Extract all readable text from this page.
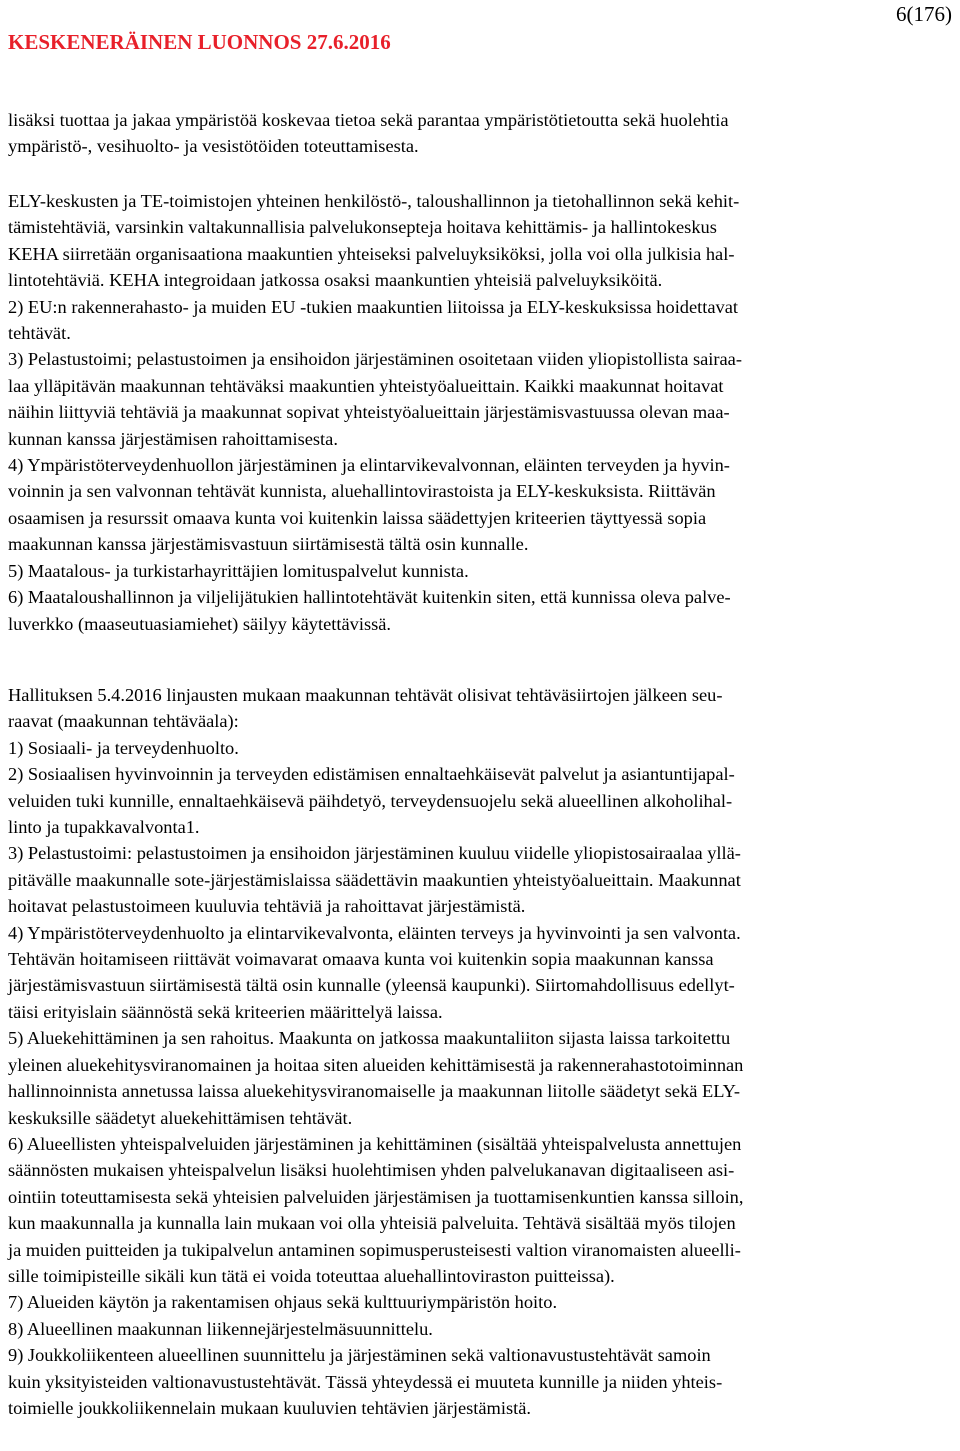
KESKENERÄINEN LUONNOS 27.6.2016
6(176)
lisäksi tuottaa ja jakaa ympäristöä koskevaa tietoa sekä parantaa ympäristötietoutta sekä huolehtia
ympäristö-, vesihuolto- ja vesistötöiden toteuttamisesta.
ELY-keskusten ja TE-toimistojen yhteinen henkilöstö-, taloushallinnon ja tietohallinnon sekä kehit-
tämistehtäviä, varsinkin valtakunnallisia palvelukonsepteja hoitava kehittämis- ja hallintokeskus
KEHA siirretään organisaationa maakuntien yhteiseksi palveluyksiköksi, jolla voi olla julkisia hal-
lintotehtäviä. KEHA integroidaan jatkossa osaksi maankuntien yhteisiä palveluyksiköitä.
2) EU:n rakennerahasto- ja muiden EU -tukien maakuntien liitoissa ja ELY-keskuksissa hoidettavat
tehtävät.
3) Pelastustoimi; pelastustoimen ja ensihoidon järjestäminen osoitetaan viiden yliopistollista sairaa-
laa ylläpitävän maakunnan tehtäväksi maakuntien yhteistyöalueittain. Kaikki maakunnat hoitavat
näihin liittyviä tehtäviä ja maakunnat sopivat yhteistyöalueittain järjestämisvastuussa olevan maa-
kunnan kanssa järjestämisen rahoittamisesta.
4) Ympäristöterveydenhuollon järjestäminen ja elintarvikevalvonnan, eläinten terveyden ja hyvin-
voinnin ja sen valvonnan tehtävät kunnista, aluehallintovirastoista ja ELY-keskuksista. Riittävän
osaamisen ja resurssit omaava kunta voi kuitenkin laissa säädettyjen kriteerien täyttyessä sopia
maakunnan kanssa järjestämisvastuun siirtämisestä tältä osin kunnalle.
5) Maatalous- ja turkistarhayrittäjien lomituspalvelut kunnista.
6) Maataloushallinnon ja viljelijätukien hallintotehtävät kuitenkin siten, että kunnissa oleva palve-
luverkko (maaseutuasiamiehet) säilyy käytettävissä.
Hallituksen 5.4.2016 linjausten mukaan maakunnan tehtävät olisivat tehtäväsiirtojen jälkeen seu-
raavat (maakunnan tehtäväala):
1) Sosiaali- ja terveydenhuolto.
2) Sosiaalisen hyvinvoinnin ja terveyden edistämisen ennaltaehkäisevät palvelut ja asiantuntijapal-
veluiden tuki kunnille, ennaltaehkäisevä päihdetyö, terveydensuojelu sekä alueellinen alkoholihal-
linto ja tupakkavalvonta1.
3) Pelastustoimi: pelastustoimen ja ensihoidon järjestäminen kuuluu viidelle yliopistosairaalaa yllä-
pitävälle maakunnalle sote-järjestämislaissa säädettävin maakuntien yhteistyöalueittain. Maakunnat
hoitavat pelastustoimeen kuuluvia tehtäviä ja rahoittavat järjestämistä.
4) Ympäristöterveydenhuolto ja elintarvikevalvonta, eläinten terveys ja hyvinvointi ja sen valvonta.
Tehtävän hoitamiseen riittävät voimavarat omaava kunta voi kuitenkin sopia maakunnan kanssa
järjestämisvastuun siirtämisestä tältä osin kunnalle (yleensä kaupunki). Siirtomahdollisuus edellyt-
täisi erityislain säännöstä sekä kriteerien määrittelyä laissa.
5) Aluekehittäminen ja sen rahoitus. Maakunta on jatkossa maakuntaliiton sijasta laissa tarkoitettu
yleinen aluekehitysviranomainen ja hoitaa siten alueiden kehittämisestä ja rakennerahastotoiminnan
hallinnoinnista annetussa laissa aluekehitysviranomaiselle ja maakunnan liitolle säädetyt sekä ELY-
keskuksille säädetyt aluekehittämisen tehtävät.
6) Alueellisten yhteispalveluiden järjestäminen ja kehittäminen (sisältää yhteispalvelusta annettujen
säännösten mukaisen yhteispalvelun lisäksi huolehtimisen yhden palvelukanavan digitaaliseen asi-
ointiin toteuttamisesta sekä yhteisien palveluiden järjestämisen ja tuottamisenkuntien kanssa silloin,
kun maakunnalla ja kunnalla lain mukaan voi olla yhteisiä palveluita. Tehtävä sisältää myös tilojen
ja muiden puitteiden ja tukipalvelun antaminen sopimusperusteisesti valtion viranomaisten alueelli-
sille toimipisteille sikäli kun tätä ei voida toteuttaa aluehallintoviraston puitteissa).
7) Alueiden käytön ja rakentamisen ohjaus sekä kulttuuriympäristön hoito.
8) Alueellinen maakunnan liikennejärjestelmäsuunnittelu.
9) Joukkoliikenteen alueellinen suunnittelu ja järjestäminen sekä valtionavustustehtävät samoin
kuin yksityisteiden valtionavustustehtävät. Tässä yhteydessä ei muuteta kunnille ja niiden yhteis-
toimielle joukkoliikennelain mukaan kuuluvien tehtävien järjestämistä.
